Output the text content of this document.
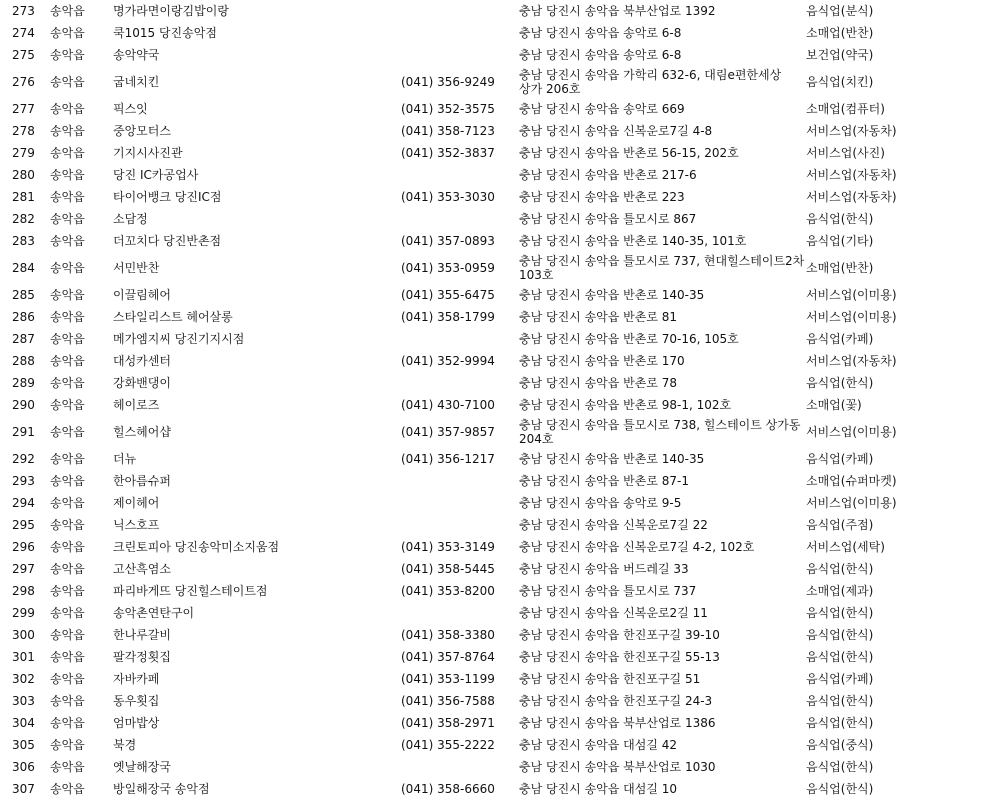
273	송악읍	명가라면이랑김밥이랑		충남 당진시 송악읍 북부산업로 1392	음식업(분식)
274	송악읍	쿡1015 당진송악점		충남 당진시 송악읍 송악로 6-8	소매업(반찬)
275	송악읍	송악약국		충남 당진시 송악읍 송악로 6-8	보건업(약국)
276	송악읍	굽네치킨	(041) 356-9249	충남 당진시 송악읍 가학리 632-6, 대림e편한세상 상가 206호	음식업(치킨)
277	송악읍	픽스잇	(041) 352-3575	충남 당진시 송악읍 송악로 669	소매업(컴퓨터)
278	송악읍	중앙모터스	(041) 358-7123	충남 당진시 송악읍 신복운로7길 4-8	서비스업(자동차)
279	송악읍	기지시사진관	(041) 352-3837	충남 당진시 송악읍 반촌로 56-15, 202호	서비스업(사진)
280	송악읍	당진 IC카공업사		충남 당진시 송악읍 반촌로 217-6	서비스업(자동차)
281	송악읍	타이어뱅크 당진IC점	(041) 353-3030	충남 당진시 송악읍 반촌로 223	서비스업(자동차)
282	송악읍	소담정		충남 당진시 송악읍 틀모시로 867	음식업(한식)
283	송악읍	더꼬치다 당진반촌점	(041) 357-0893	충남 당진시 송악읍 반촌로 140-35, 101호	음식업(기타)
284	송악읍	서민반찬	(041) 353-0959	충남 당진시 송악읍 틀모시로 737, 현대힐스테이트2차 103호	소매업(반찬)
285	송악읍	이끌림헤어	(041) 355-6475	충남 당진시 송악읍 반촌로 140-35	서비스업(이미용)
286	송악읍	스타일리스트 헤어살롱	(041) 358-1799	충남 당진시 송악읍 반촌로 81	서비스업(이미용)
287	송악읍	메가엠지씨 당진기지시점		충남 당진시 송악읍 반촌로 70-16, 105호	음식업(카페)
288	송악읍	대성카센터	(041) 352-9994	충남 당진시 송악읍 반촌로 170	서비스업(자동차)
289	송악읍	강화밴댕이		충남 당진시 송악읍 반촌로 78	음식업(한식)
290	송악읍	헤이로즈	(041) 430-7100	충남 당진시 송악읍 반촌로 98-1, 102호	소매업(꽃)
291	송악읍	힐스헤어샵	(041) 357-9857	충남 당진시 송악읍 틀모시로 738, 힐스테이트 상가동 204호	서비스업(이미용)
292	송악읍	더뉴	(041) 356-1217	충남 당진시 송악읍 반촌로 140-35	음식업(카페)
293	송악읍	한아름슈퍼		충남 당진시 송악읍 반촌로 87-1	소매업(슈퍼마켓)
294	송악읍	제이헤어		충남 당진시 송악읍 송악로 9-5	서비스업(이미용)
295	송악읍	닉스호프		충남 당진시 송악읍 신복운로7길 22	음식업(주점)
296	송악읍	크린토피아 당진송악미소지움점	(041) 353-3149	충남 당진시 송악읍 신복운로7길 4-2, 102호	서비스업(세탁)
297	송악읍	고산흑염소	(041) 358-5445	충남 당진시 송악읍 버드레길 33	음식업(한식)
298	송악읍	파리바게뜨 당진힐스테이트점	(041) 353-8200	충남 당진시 송악읍 틀모시로 737	소매업(제과)
299	송악읍	송악촌연탄구이		충남 당진시 송악읍 신복운로2길 11	음식업(한식)
300	송악읍	한나루갈비	(041) 358-3380	충남 당진시 송악읍 한진포구길 39-10	음식업(한식)
301	송악읍	팔각정횟집	(041) 357-8764	충남 당진시 송악읍 한진포구길 55-13	음식업(한식)
302	송악읍	자바카페	(041) 353-1199	충남 당진시 송악읍 한진포구길 51	음식업(카페)
303	송악읍	동우횟집	(041) 356-7588	충남 당진시 송악읍 한진포구길 24-3	음식업(한식)
304	송악읍	엄마밥상	(041) 358-2971	충남 당진시 송악읍 북부산업로 1386	음식업(한식)
305	송악읍	북경	(041) 355-2222	충남 당진시 송악읍 대섬길 42	음식업(중식)
306	송악읍	옛날해장국		충남 당진시 송악읍 북부산업로 1030	음식업(한식)
307	송악읍	방일해장국 송악점	(041) 358-6660	충남 당진시 송악읍 대섬길 10	음식업(한식)
